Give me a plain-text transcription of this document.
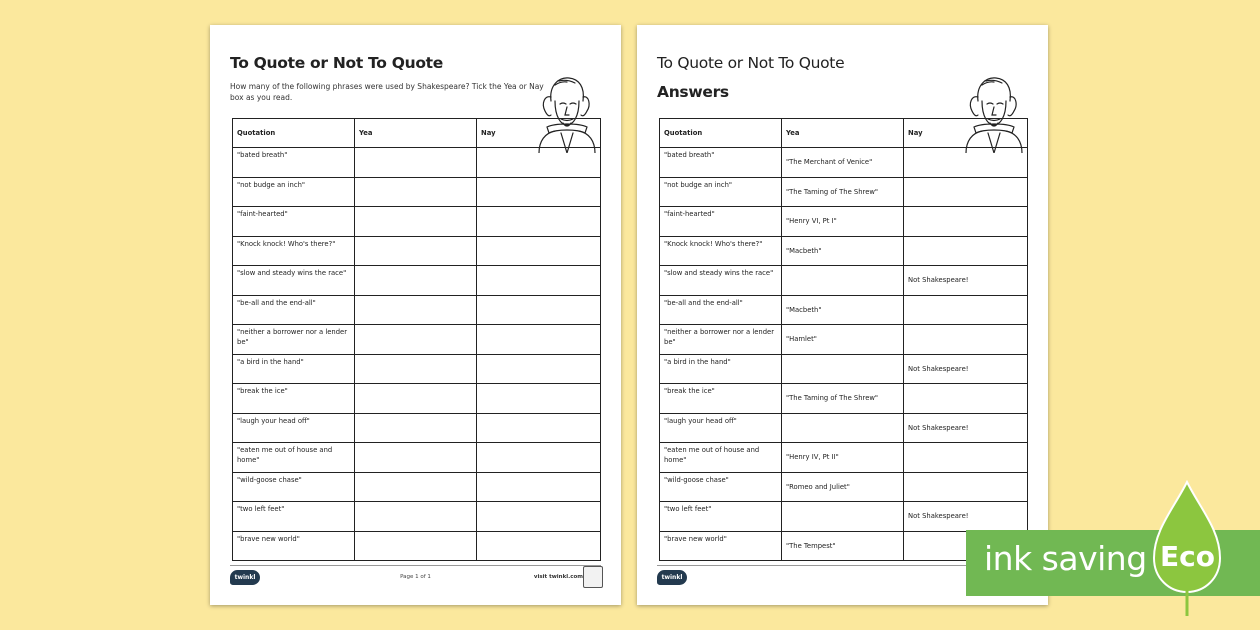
To Quote or Not To Quote

How many of the following phrases were used by Shakespeare? Tick the Yea or Nay box as you read.

Quotation	Yea	Nay
"bated breath"		
"not budge an inch"		
"faint-hearted"		
"Knock knock! Who's there?"		
"slow and steady wins the race"		
"be-all and the end-all"		
"neither a borrower nor a lender be"		
"a bird in the hand"		
"break the ice"		
"laugh your head off"		
"eaten me out of house and home"		
"wild-goose chase"		
"two left feet"		
"brave new world"		
twinkl	Page 1 of 1	visit twinkl.com
To Quote or Not To Quote
Answers
Quotation	Yea	Nay
"bated breath"	"The Merchant of Venice"	
"not budge an inch"	"The Taming of The Shrew"	
"faint-hearted"	"Henry VI, Pt I"	
"Knock knock! Who's there?"	"Macbeth"	
"slow and steady wins the race"		Not Shakespeare!
"be-all and the end-all"	"Macbeth"	
"neither a borrower nor a lender be"	"Hamlet"	
"a bird in the hand"		Not Shakespeare!
"break the ice"	"The Taming of The Shrew"	
"laugh your head off"		Not Shakespeare!
"eaten me out of house and home"	"Henry IV, Pt II"	
"wild-goose chase"	"Romeo and Juliet"	
"two left feet"		Not Shakespeare!
"brave new world"	"The Tempest"	
twinkl	ink saving Eco
